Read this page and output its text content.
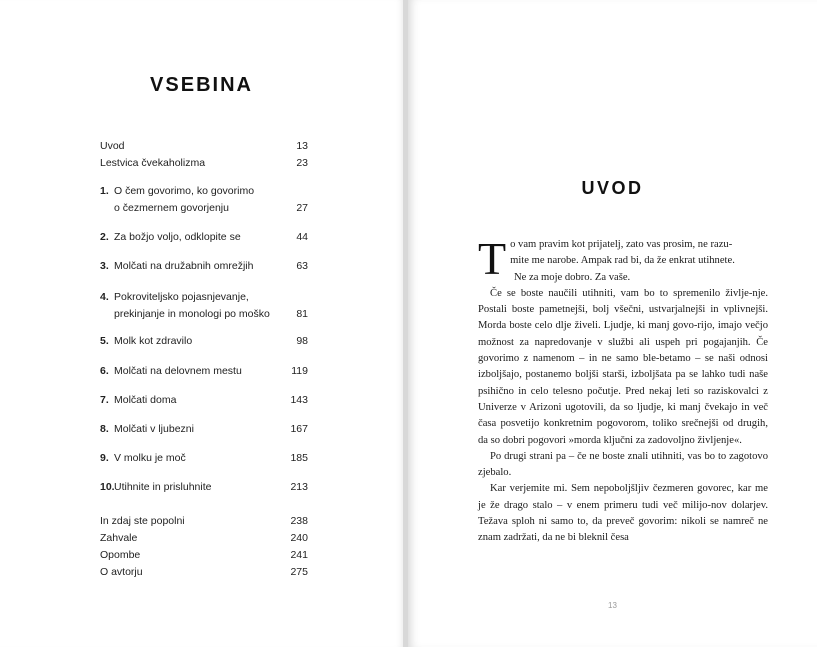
VSEBINA
Uvod	13
Lestvica čvekaholizma	23
1. O čem govorimo, ko govorimo
o čezmernem govorjenju	27
2. Za božjo voljo, odklopite se	44
3. Molčati na družabnih omrežjih	63
4. Pokroviteljsko pojasnjevanje,
prekinjanje in monologi po moško	81
5. Molk kot zdravilo	98
6. Molčati na delovnem mestu	119
7. Molčati doma	143
8. Molčati v ljubezni	167
9. V molku je moč	185
10.Utihnite in prisluhnite	213
In zdaj ste popolni	238
Zahvale	240
Opombe	241
O avtorju	275
UVOD
T o vam pravim kot prijatelj, zato vas prosim, ne razu-

mite me narobe. Ampak rad bi, da že enkrat utihnete.

Ne za moje dobro. Za vaše.

Če se boste naučili utihniti, vam bo to spremenilo življe-nje. Postali boste pametnejši, bolj všečni, ustvarjalnejši in vplivnejši. Morda boste celo dlje živeli. Ljudje, ki manj govo-rijo, imajo večjo možnost za napredovanje v službi ali uspeh pri pogajanjih. Če govorimo z namenom – in ne samo ble-betamo – se naši odnosi izboljšajo, postanemo boljši starši, izboljšata pa se lahko tudi naše psihično in celo telesno počutje. Pred nekaj leti so raziskovalci z Univerze v Arizoni ugotovili, da so ljudje, ki manj čvekajo in več časa posvetijo konkretnim pogovorom, toliko srečnejši od drugih, da so dobri pogovori »morda ključni za zadovoljno življenje«.

Po drugi strani pa – če ne boste znali utihniti, vas bo to zagotovo zjebalo.

Kar verjemite mi. Sem nepoboljšljiv čezmeren govorec, kar me je že drago stalo – v enem primeru tudi več milijo-nov dolarjev. Težava sploh ni samo to, da preveč govorim: nikoli se namreč ne znam zadržati, da ne bi bleknil česa

13
